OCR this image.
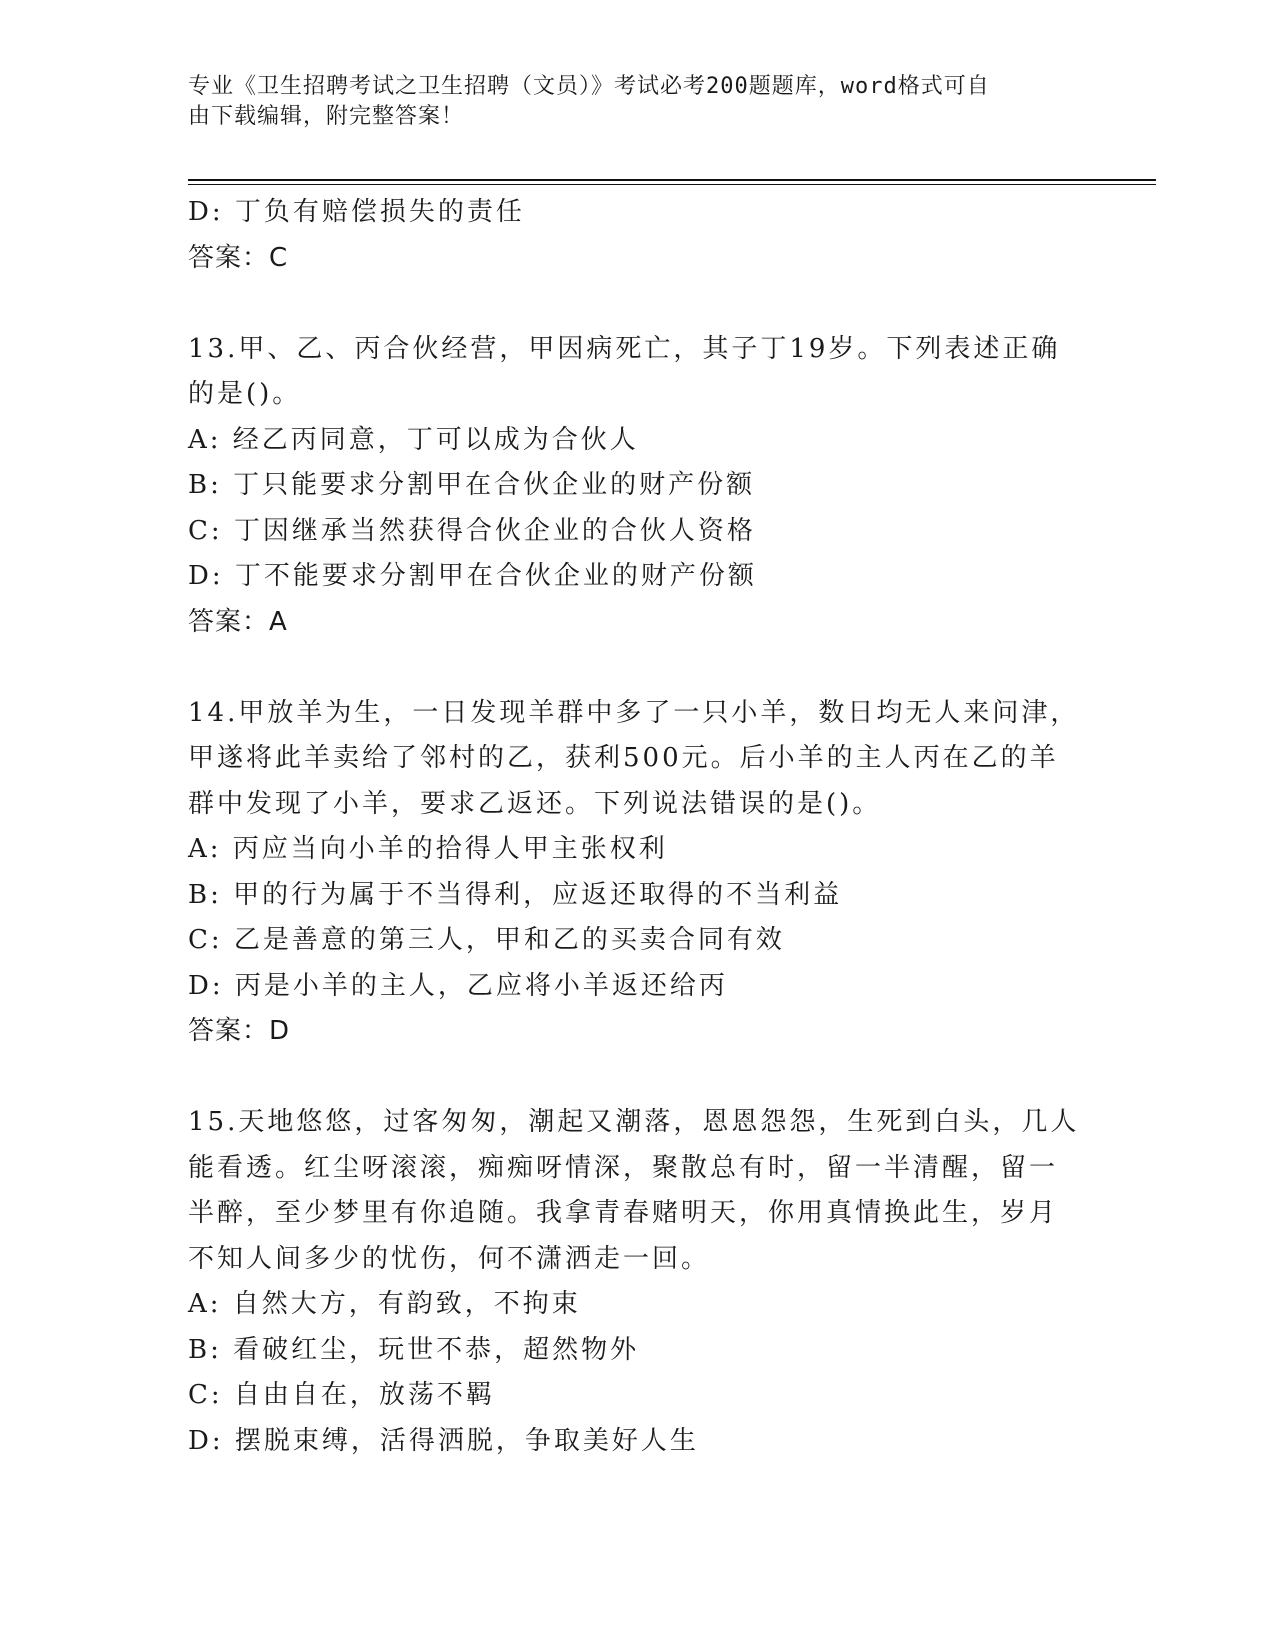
专业《卫生招聘考试之卫生招聘（文员）》考试必考200题题库，word格式可自
由下载编辑，附完整答案！
D: 丁负有赔偿损失的责任
答案：C
13.甲、乙、丙合伙经营，甲因病死亡，其子丁19岁。下列表述正确
的是()。
A: 经乙丙同意，丁可以成为合伙人
B: 丁只能要求分割甲在合伙企业的财产份额
C: 丁因继承当然获得合伙企业的合伙人资格
D: 丁不能要求分割甲在合伙企业的财产份额
答案：A
14.甲放羊为生，一日发现羊群中多了一只小羊，数日均无人来问津，
甲遂将此羊卖给了邻村的乙，获利500元。后小羊的主人丙在乙的羊
群中发现了小羊，要求乙返还。下列说法错误的是()。
A: 丙应当向小羊的拾得人甲主张权利
B: 甲的行为属于不当得利，应返还取得的不当利益
C: 乙是善意的第三人，甲和乙的买卖合同有效
D: 丙是小羊的主人，乙应将小羊返还给丙
答案：D
15.天地悠悠，过客匆匆，潮起又潮落，恩恩怨怨，生死到白头，几人
能看透。红尘呀滚滚，痴痴呀情深，聚散总有时，留一半清醒，留一
半醉，至少梦里有你追随。我拿青春赌明天，你用真情换此生，岁月
不知人间多少的忧伤，何不潇洒走一回。
A: 自然大方，有韵致，不拘束
B: 看破红尘，玩世不恭，超然物外
C: 自由自在，放荡不羁
D: 摆脱束缚，活得洒脱，争取美好人生
